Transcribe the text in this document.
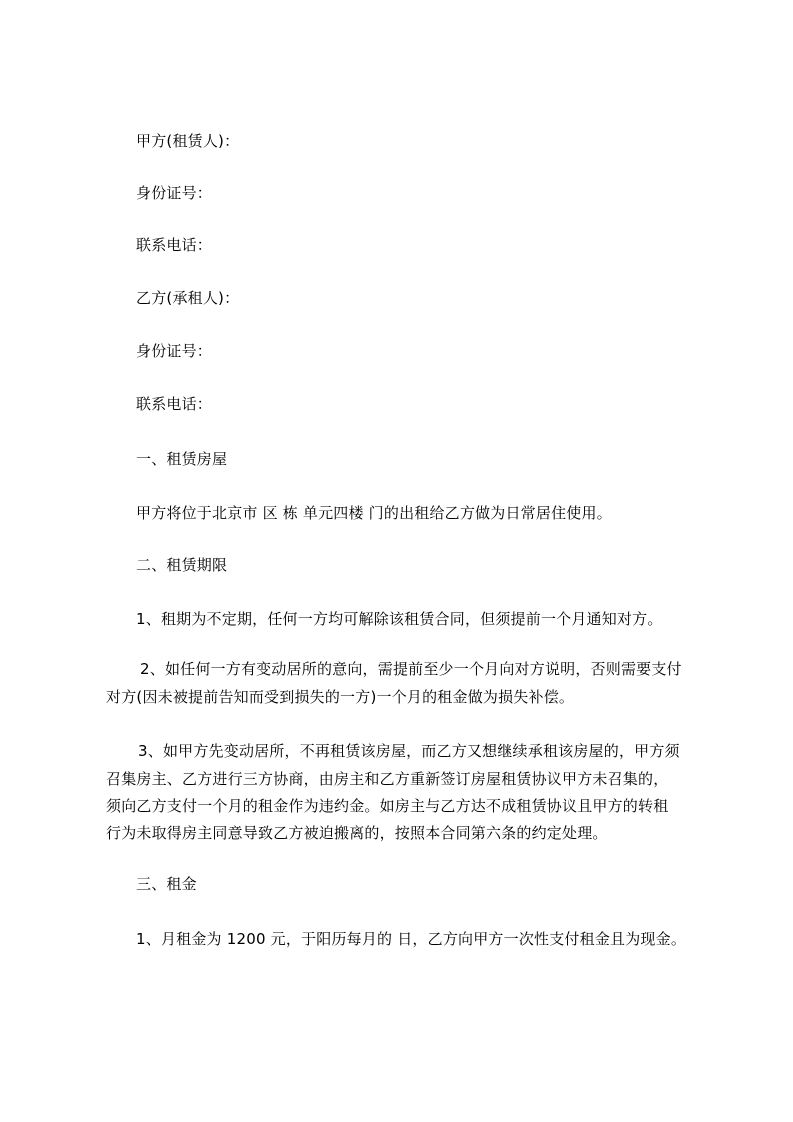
甲方(租赁人)：
身份证号：
联系电话：
乙方(承租人)：
身份证号：
联系电话：
一、租赁房屋
甲方将位于北京市 区 栋 单元四楼 门的出租给乙方做为日常居住使用。
二、租赁期限
1、租期为不定期，任何一方均可解除该租赁合同，但须提前一个月通知对方。
2、如任何一方有变动居所的意向，需提前至少一个月向对方说明，否则需要支付
对方(因未被提前告知而受到损失的一方)一个月的租金做为损失补偿。
3、如甲方先变动居所，不再租赁该房屋，而乙方又想继续承租该房屋的，甲方须
召集房主、乙方进行三方协商，由房主和乙方重新签订房屋租赁协议甲方未召集的，
须向乙方支付一个月的租金作为违约金。如房主与乙方达不成租赁协议且甲方的转租
行为未取得房主同意导致乙方被迫搬离的，按照本合同第六条的约定处理。
三、租金
1、月租金为 1200 元，于阳历每月的 日，乙方向甲方一次性支付租金且为现金。
